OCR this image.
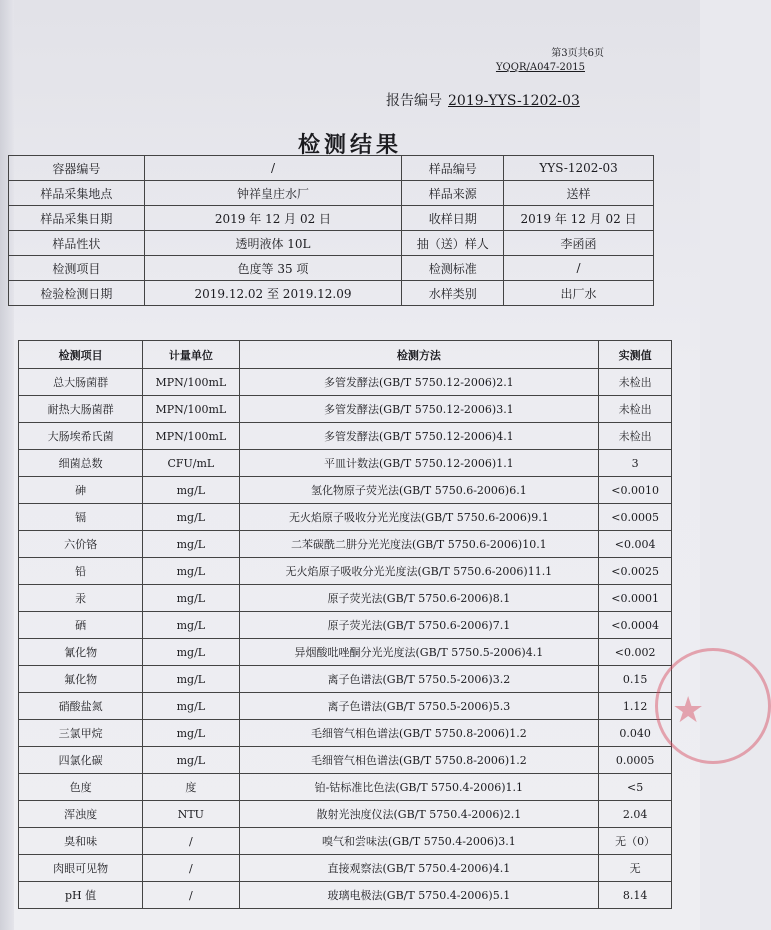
第3页共6页
YQQR/A047-2015
报告编号 2019-YYS-1202-03
检测结果
容器编号	/	样品编号	YYS-1202-03
样品采集地点	钟祥皇庄水厂	样品来源	送样
样品采集日期	2019 年 12 月 02 日	收样日期	2019 年 12 月 02 日
样品性状	透明液体 10L	抽（送）样人	李函函
检测项目	色度等 35 项	检测标准	/
检验检测日期	2019.12.02 至 2019.12.09	水样类别	出厂水
检测项目	计量单位	检测方法	实测值
总大肠菌群	MPN/100mL	多管发酵法(GB/T 5750.12-2006)2.1	未检出
耐热大肠菌群	MPN/100mL	多管发酵法(GB/T 5750.12-2006)3.1	未检出
大肠埃希氏菌	MPN/100mL	多管发酵法(GB/T 5750.12-2006)4.1	未检出
细菌总数	CFU/mL	平皿计数法(GB/T 5750.12-2006)1.1	3
砷	mg/L	氢化物原子荧光法(GB/T 5750.6-2006)6.1	<0.0010
镉	mg/L	无火焰原子吸收分光光度法(GB/T 5750.6-2006)9.1	<0.0005
六价铬	mg/L	二苯碳酰二肼分光光度法(GB/T 5750.6-2006)10.1	<0.004
铅	mg/L	无火焰原子吸收分光光度法(GB/T 5750.6-2006)11.1	<0.0025
汞	mg/L	原子荧光法(GB/T 5750.6-2006)8.1	<0.0001
硒	mg/L	原子荧光法(GB/T 5750.6-2006)7.1	<0.0004
氰化物	mg/L	异烟酸吡唑酮分光光度法(GB/T 5750.5-2006)4.1	<0.002
氟化物	mg/L	离子色谱法(GB/T 5750.5-2006)3.2	0.15
硝酸盐氮	mg/L	离子色谱法(GB/T 5750.5-2006)5.3	1.12
三氯甲烷	mg/L	毛细管气相色谱法(GB/T 5750.8-2006)1.2	0.040
四氯化碳	mg/L	毛细管气相色谱法(GB/T 5750.8-2006)1.2	0.0005
色度	度	铂-钴标准比色法(GB/T 5750.4-2006)1.1	<5
浑浊度	NTU	散射光浊度仪法(GB/T 5750.4-2006)2.1	2.04
臭和味	/	嗅气和尝味法(GB/T 5750.4-2006)3.1	无（0）
肉眼可见物	/	直接观察法(GB/T 5750.4-2006)4.1	无
pH 值	/	玻璃电极法(GB/T 5750.4-2006)5.1	8.14
★
